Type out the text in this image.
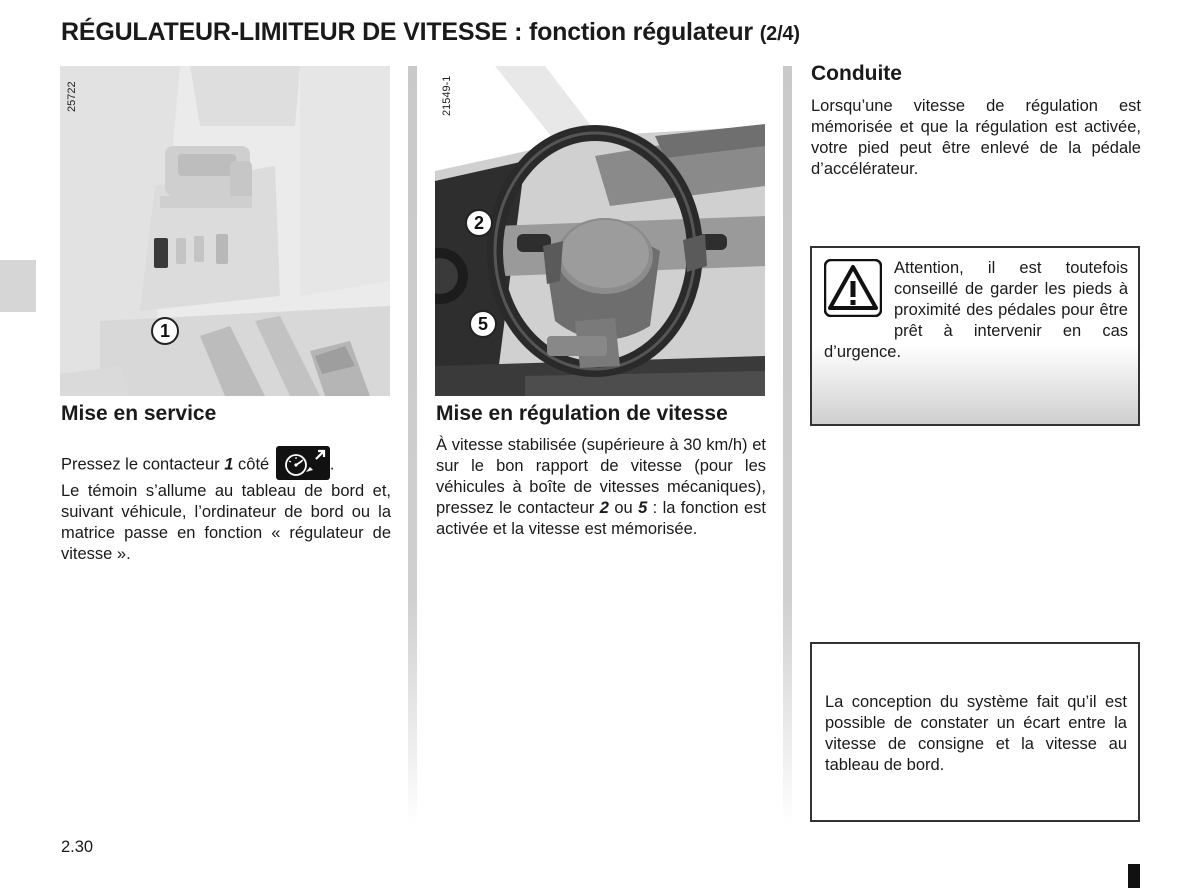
RÉGULATEUR-LIMITEUR DE VITESSE : fonction régulateur (2/4)
25722
1
21549-1
2
5
Mise en service
Pressez le contacteur 1 côté	.
Le témoin s’allume au tableau de bord et, suivant véhicule, l’ordinateur de bord ou la matrice passe en fonction « régulateur de vitesse ».
Mise en régulation de vitesse
À vitesse stabilisée (supérieure à 30 km/h) et sur le bon rapport de vitesse (pour les véhicules à boîte de vitesses mécaniques), pressez le contacteur 2 ou 5 : la fonction est activée et la vitesse est mémorisée.
Conduite
Lorsqu’une vitesse de régulation est mémorisée et que la régulation est activée, votre pied peut être enlevé de la pédale d’accélérateur.
Attention, il est toutefois conseillé de garder les pieds à proximité des pédales pour être prêt à intervenir en cas d’urgence.
La conception du système fait qu’il est possible de constater un écart entre la vitesse de consigne et la vitesse au tableau de bord.
2.30
